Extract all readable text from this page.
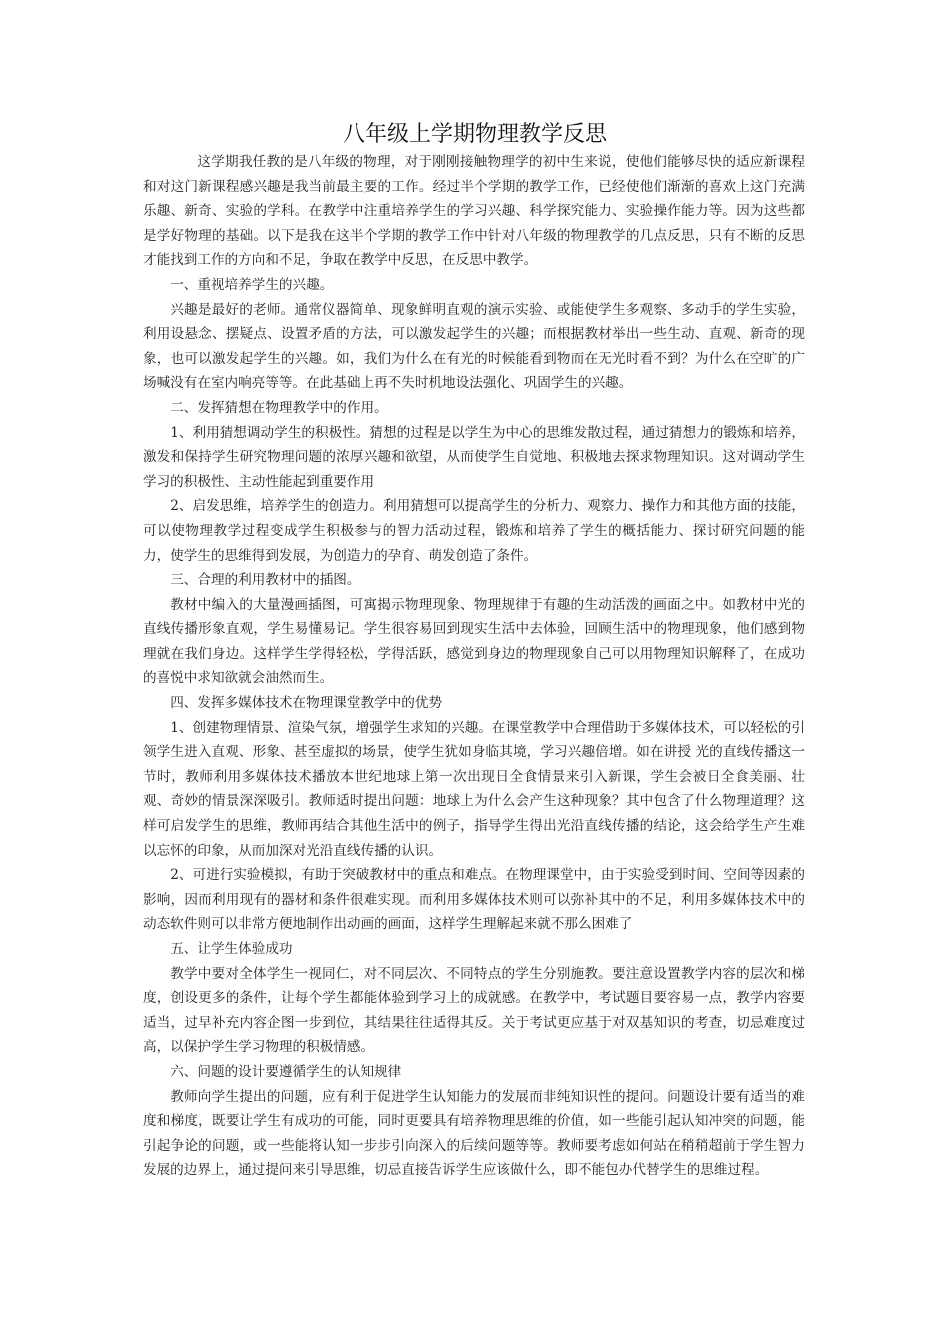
八年级上学期物理教学反思

这学期我任教的是八年级的物理，对于刚刚接触物理学的初中生来说，使他们能够尽快的适应新课程和对这门新课程感兴趣是我当前最主要的工作。经过半个学期的教学工作，已经使他们渐渐的喜欢上这门充满乐趣、新奇、实验的学科。在教学中注重培养学生的学习兴趣、科学探究能力、实验操作能力等。因为这些都是学好物理的基础。以下是我在这半个学期的教学工作中针对八年级的物理教学的几点反思，只有不断的反思才能找到工作的方向和不足，争取在教学中反思，在反思中教学。

一、重视培养学生的兴趣。

兴趣是最好的老师。通常仪器简单、现象鲜明直观的演示实验、或能使学生多观察、多动手的学生实验，利用设悬念、摆疑点、设置矛盾的方法，可以激发起学生的兴趣；而根据教材举出一些生动、直观、新奇的现象，也可以激发起学生的兴趣。如，我们为什么在有光的时候能看到物而在无光时看不到？为什么在空旷的广场喊没有在室内响亮等等。在此基础上再不失时机地设法强化、巩固学生的兴趣。

二、发挥猜想在物理教学中的作用。

1、利用猜想调动学生的积极性。猜想的过程是以学生为中心的思维发散过程，通过猜想力的锻炼和培养，激发和保持学生研究物理问题的浓厚兴趣和欲望，从而使学生自觉地、积极地去探求物理知识。这对调动学生学习的积极性、主动性能起到重要作用

2、启发思维，培养学生的创造力。利用猜想可以提高学生的分析力、观察力、操作力和其他方面的技能，可以使物理教学过程变成学生积极参与的智力活动过程，锻炼和培养了学生的概括能力、探讨研究问题的能力，使学生的思维得到发展，为创造力的孕育、萌发创造了条件。

三、合理的利用教材中的插图。

教材中编入的大量漫画插图，可寓揭示物理现象、物理规律于有趣的生动活泼的画面之中。如教材中光的直线传播形象直观，学生易懂易记。学生很容易回到现实生活中去体验，回顾生活中的物理现象，他们感到物理就在我们身边。这样学生学得轻松，学得活跃，感觉到身边的物理现象自己可以用物理知识解释了，在成功的喜悦中求知欲就会油然而生。

四、发挥多媒体技术在物理课堂教学中的优势

1、创建物理情景、渲染气氛，增强学生求知的兴趣。在课堂教学中合理借助于多媒体技术，可以轻松的引领学生进入直观、形象、甚至虚拟的场景，使学生犹如身临其境，学习兴趣倍增。如在讲授 光的直线传播这一节时，教师利用多媒体技术播放本世纪地球上第一次出现日全食情景来引入新课，学生会被日全食美丽、壮观、奇妙的情景深深吸引。教师适时提出问题：地球上为什么会产生这种现象？其中包含了什么物理道理？这样可启发学生的思维，教师再结合其他生活中的例子，指导学生得出光沿直线传播的结论，这会给学生产生难以忘怀的印象，从而加深对光沿直线传播的认识。

2、可进行实验模拟，有助于突破教材中的重点和难点。在物理课堂中，由于实验受到时间、空间等因素的影响，因而利用现有的器材和条件很难实现。而利用多媒体技术则可以弥补其中的不足，利用多媒体技术中的动态软件则可以非常方便地制作出动画的画面，这样学生理解起来就不那么困难了

五、让学生体验成功

教学中要对全体学生一视同仁，对不同层次、不同特点的学生分别施教。要注意设置教学内容的层次和梯度，创设更多的条件，让每个学生都能体验到学习上的成就感。在教学中，考试题目要容易一点，教学内容要适当，过早补充内容企图一步到位，其结果往往适得其反。关于考试更应基于对双基知识的考查，切忌难度过高，以保护学生学习物理的积极情感。

六、问题的设计要遵循学生的认知规律

教师向学生提出的问题，应有利于促进学生认知能力的发展而非纯知识性的提问。问题设计要有适当的难度和梯度，既要让学生有成功的可能，同时更要具有培养物理思维的价值，如一些能引起认知冲突的问题，能引起争论的问题，或一些能将认知一步步引向深入的后续问题等等。教师要考虑如何站在稍稍超前于学生智力发展的边界上，通过提问来引导思维，切忌直接告诉学生应该做什么，即不能包办代替学生的思维过程。
